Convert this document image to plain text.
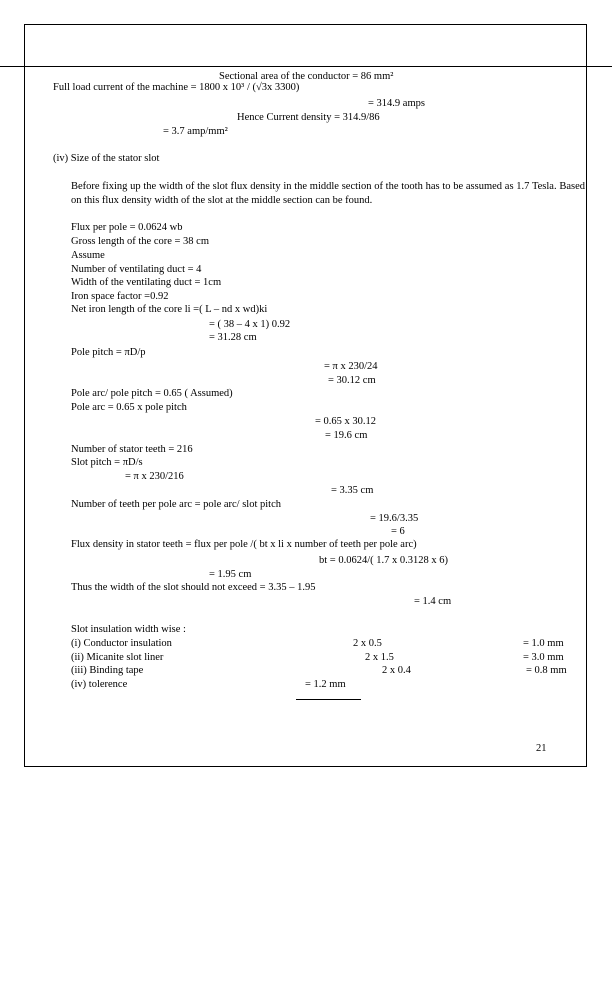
Sectional area of the conductor = 86 mm²
Full load current of the machine = 1800 x 10³ / (√3x 3300)
= 314.9 amps
Hence Current density = 314.9/86
= 3.7 amp/mm²
(iv) Size of the stator slot
Before fixing up the width of the slot flux density in the middle section of the tooth has to be assumed as 1.7 Tesla. Based on this flux density width of the slot at the middle section can be found.
Flux per pole = 0.0624 wb
Gross length of the core = 38 cm
Assume
Number of ventilating duct = 4
Width of the ventilating duct = 1cm
Iron space factor =0.92
Net iron length of the core li =( L – nd x wd)ki
= ( 38 – 4 x 1) 0.92
= 31.28 cm
Pole pitch = πD/p
= π x 230/24
= 30.12 cm
Pole arc/ pole pitch = 0.65 ( Assumed)
Pole arc = 0.65 x pole pitch
= 0.65 x 30.12
= 19.6 cm
Number of stator teeth = 216
Slot pitch = πD/s
= π x 230/216
= 3.35 cm
Number of teeth per pole arc = pole arc/ slot pitch
= 19.6/3.35
= 6
Flux density in stator teeth = flux per pole /( bt x li x number of teeth per pole arc)
bt = 0.0624/( 1.7 x 0.3128 x 6)
= 1.95 cm
Thus the width of the slot should not exceed = 3.35 – 1.95
= 1.4 cm
Slot insulation width wise :
(i) Conductor insulation	2 x 0.5	= 1.0 mm
(ii) Micanite slot liner	2 x 1.5	= 3.0 mm
(iii) Binding tape	2 x 0.4	= 0.8 mm
(iv) tolerence	= 1.2 mm
21
